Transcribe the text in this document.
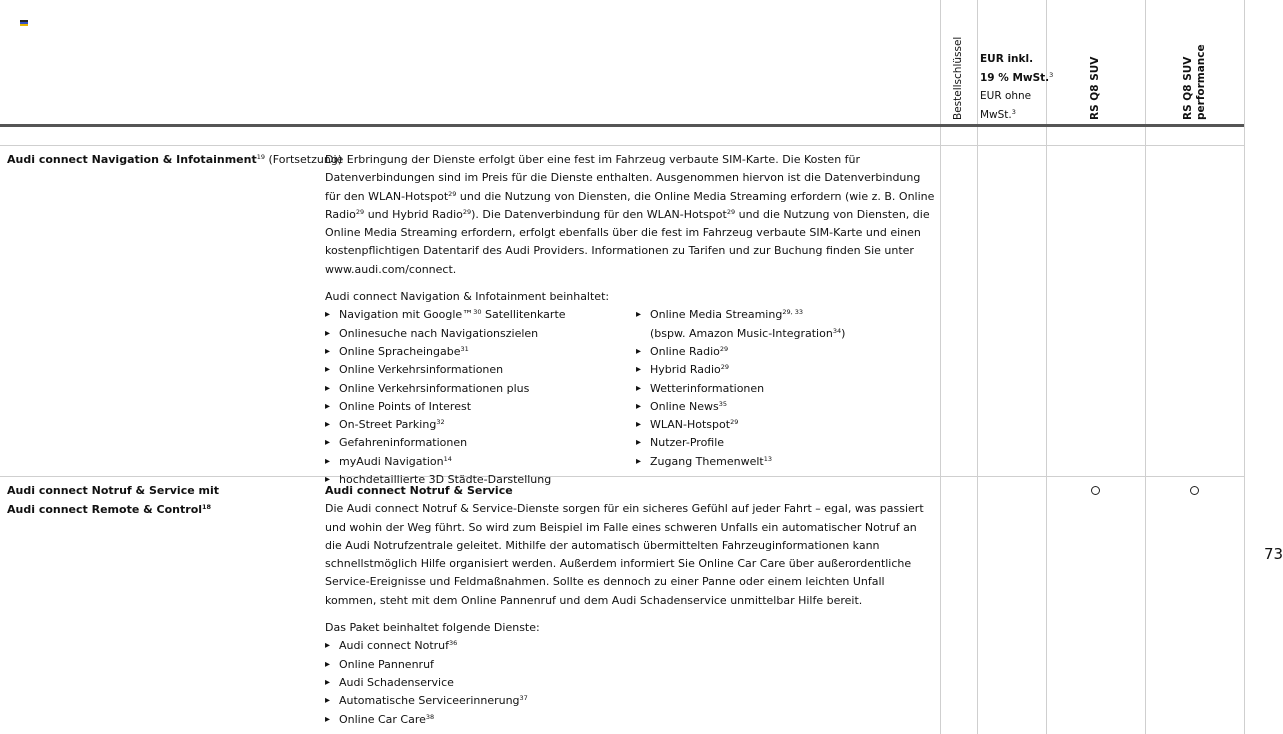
Bestellschlüssel EUR inkl.
19 % MwSt.$^3$
EUR ohne
MwSt.$^3$	RS Q8 SUV	RS Q8 SUV performance
Audi connect Navigation & Infotainment$^{19}$ (Fortsetzung)

Die Erbringung der Dienste erfolgt über eine fest im Fahrzeug verbaute SIM-Karte. Die Kosten für Datenverbindungen sind im Preis für die Dienste enthalten. Ausgenommen hiervon ist die Datenverbindung für den WLAN-Hotspot$^{29}$ und die Nutzung von Diensten, die Online Media Streaming erfordern (wie z. B. Online Radio$^{29}$ und Hybrid Radio$^{29}$). Die Datenverbindung für den WLAN-Hotspot$^{29}$ und die Nutzung von Diensten, die Online Media Streaming erfordern, erfolgt ebenfalls über die fest im Fahrzeug verbaute SIM-Karte und einen kostenpflichtigen Datentarif des Audi Providers. Informationen zu Tarifen und zur Buchung finden Sie unter www.audi.com/connect.

Audi connect Navigation & Infotainment beinhaltet:

▸ Navigation mit Google™$^{30}$ Satellitenkarte
▸ Onlinesuche nach Navigationszielen
▸ Online Spracheingabe$^{31}$
▸ Online Verkehrsinformationen
▸ Online Verkehrsinformationen plus
▸ Online Points of Interest
▸ On-Street Parking$^{32}$
▸ Gefahreninformationen
▸ myAudi Navigation$^{14}$
▸ hochdetaillierte 3D Städte-Darstellung
▸ Online Media Streaming$^{29, 33}$
(bspw. Amazon Music-Integration$^{34}$)
▸ Online Radio$^{29}$
▸ Hybrid Radio$^{29}$
▸ Wetterinformationen
▸ Online News$^{35}$
▸ WLAN-Hotspot$^{29}$
▸ Nutzer-Profile
▸ Zugang Themenwelt$^{13}$
Audi connect Notruf & Service mit
Audi connect Remote & Control$^{18}$

Audi connect Notruf & Service

Die Audi connect Notruf & Service-Dienste sorgen für ein sicheres Gefühl auf jeder Fahrt – egal, was passiert und wohin der Weg führt. So wird zum Beispiel im Falle eines schweren Unfalls ein automatischer Notruf an die Audi Notrufzentrale geleitet. Mithilfe der automatisch übermittelten Fahrzeuginformationen kann schnellstmöglich Hilfe organisiert werden. Außerdem informiert Sie Online Car Care über außerordentliche Service-Ereignisse und Feldmaßnahmen. Sollte es dennoch zu einer Panne oder einem leichten Unfall kommen, steht mit dem Online Pannenruf und dem Audi Schadenservice unmittelbar Hilfe bereit.

Das Paket beinhaltet folgende Dienste:

▸ Audi connect Notruf$^{36}$
▸ Online Pannenruf
▸ Audi Schadenservice
▸ Automatische Serviceerinnerung$^{37}$
▸ Online Car Care$^{38}$
73
